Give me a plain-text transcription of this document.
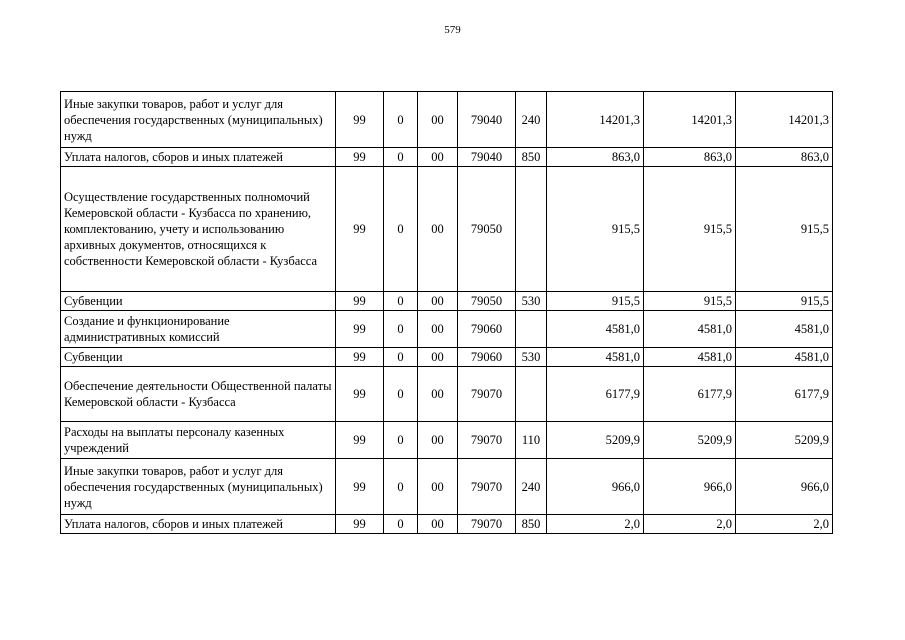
579
Иные закупки товаров, работ и услуг для обеспечения государственных (муниципальных) нужд	99	0	00	79040	240	14201,3	14201,3	14201,3
Уплата налогов, сборов и иных платежей	99	0	00	79040	850	863,0	863,0	863,0
Осуществление государственных полномочий Кемеровской области - Кузбасса по хранению, комплектованию, учету и использованию архивных документов, относящихся к собственности Кемеровской области - Кузбасса	99	0	00	79050		915,5	915,5	915,5
Субвенции	99	0	00	79050	530	915,5	915,5	915,5
Создание и функционирование административных комиссий	99	0	00	79060		4581,0	4581,0	4581,0
Субвенции	99	0	00	79060	530	4581,0	4581,0	4581,0
Обеспечение деятельности Общественной палаты Кемеровской области - Кузбасса	99	0	00	79070		6177,9	6177,9	6177,9
Расходы на выплаты персоналу казенных учреждений	99	0	00	79070	110	5209,9	5209,9	5209,9
Иные закупки товаров, работ и услуг для обеспечения государственных (муниципальных) нужд	99	0	00	79070	240	966,0	966,0	966,0
Уплата налогов, сборов и иных платежей	99	0	00	79070	850	2,0	2,0	2,0
